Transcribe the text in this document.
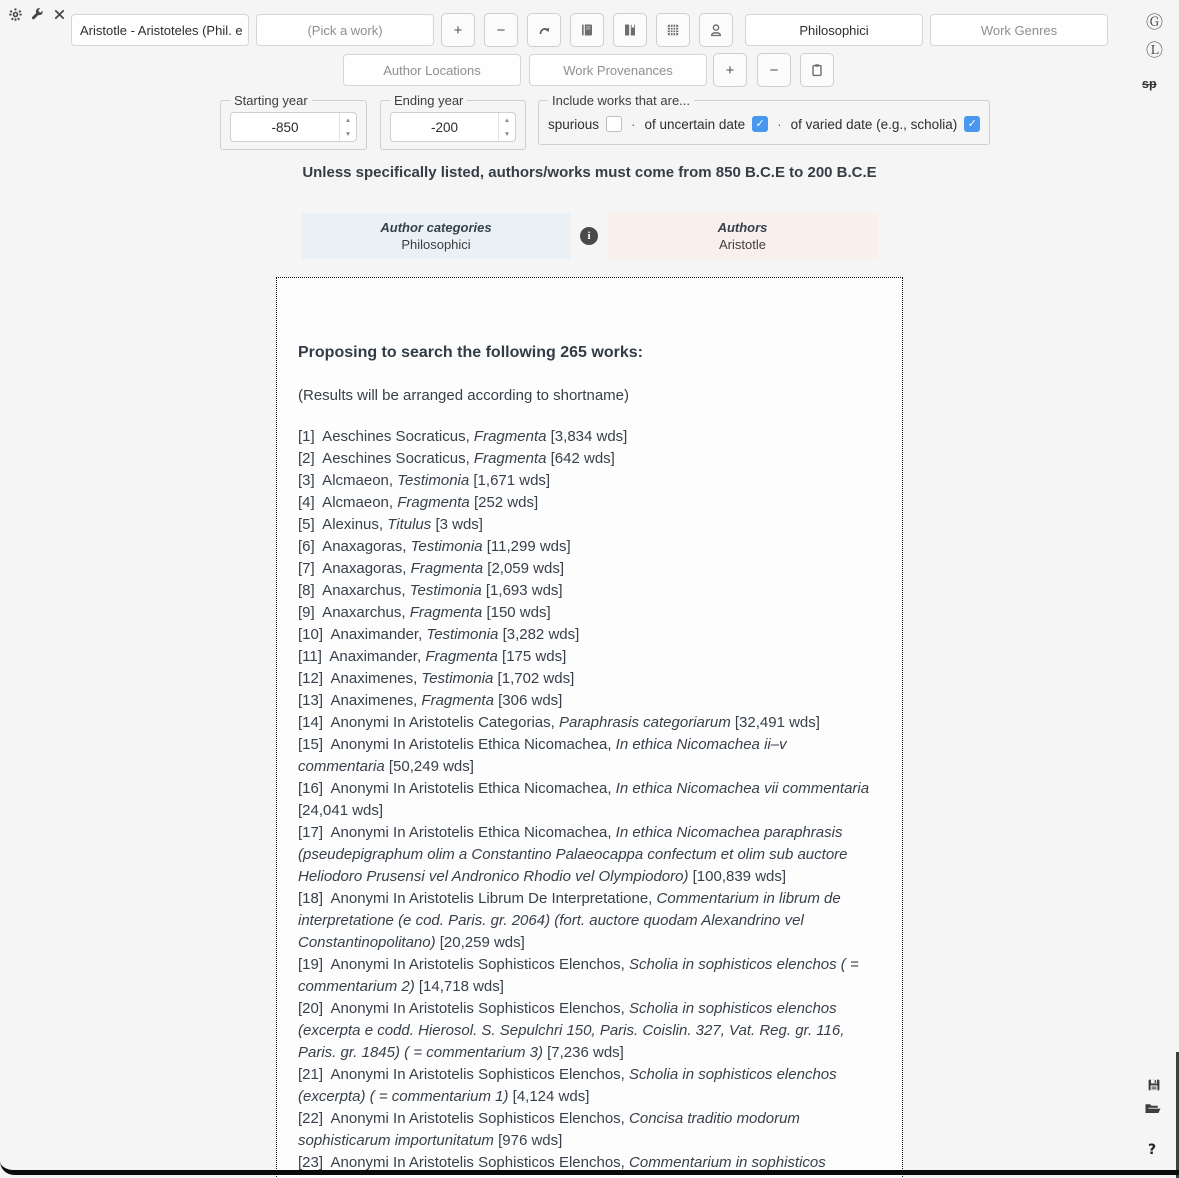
Aristotle - Aristoteles (Phil. e	(Pick a work)	+ −	Philosophici	Work Genres	Ⓖ
Ⓛ
sp
Author Locations	Work Provenances	+ −
Starting year
-850	▲
▼
Ending year
-200	▲
▼
Include works that are...
spurious · of uncertain date ✓ · of varied date (e.g., scholia) ✓
Unless specifically listed, authors/works must come from 850 B.C.E to 200 B.C.E
Author categories
Philosophici
i
Authors
Aristotle
Proposing to search the following 265 works:
(Results will be arranged according to shortname)
[1]  Aeschines Socraticus, Fragmenta [3,834 wds]
[2]  Aeschines Socraticus, Fragmenta [642 wds]
[3]  Alcmaeon, Testimonia [1,671 wds]
[4]  Alcmaeon, Fragmenta [252 wds]
[5]  Alexinus, Titulus [3 wds]
[6]  Anaxagoras, Testimonia [11,299 wds]
[7]  Anaxagoras, Fragmenta [2,059 wds]
[8]  Anaxarchus, Testimonia [1,693 wds]
[9]  Anaxarchus, Fragmenta [150 wds]
[10]  Anaximander, Testimonia [3,282 wds]
[11]  Anaximander, Fragmenta [175 wds]
[12]  Anaximenes, Testimonia [1,702 wds]
[13]  Anaximenes, Fragmenta [306 wds]
[14]  Anonymi In Aristotelis Categorias, Paraphrasis categoriarum [32,491 wds]
[15]  Anonymi In Aristotelis Ethica Nicomachea, In ethica Nicomachea ii–v commentaria [50,249 wds]
[16]  Anonymi In Aristotelis Ethica Nicomachea, In ethica Nicomachea vii commentaria [24,041 wds]
[17]  Anonymi In Aristotelis Ethica Nicomachea, In ethica Nicomachea paraphrasis (pseudepigraphum olim a Constantino Palaeocappa confectum et olim sub auctore Heliodoro Prusensi vel Andronico Rhodio vel Olympiodoro) [100,839 wds]
[18]  Anonymi In Aristotelis Librum De Interpretatione, Commentarium in librum de interpretatione (e cod. Paris. gr. 2064) (fort. auctore quodam Alexandrino vel Constantinopolitano) [20,259 wds]
[19]  Anonymi In Aristotelis Sophisticos Elenchos, Scholia in sophisticos elenchos ( = commentarium 2) [14,718 wds]
[20]  Anonymi In Aristotelis Sophisticos Elenchos, Scholia in sophisticos elenchos (excerpta e codd. Hierosol. S. Sepulchri 150, Paris. Coislin. 327, Vat. Reg. gr. 116, Paris. gr. 1845) ( = commentarium 3) [7,236 wds]
[21]  Anonymi In Aristotelis Sophisticos Elenchos, Scholia in sophisticos elenchos (excerpta) ( = commentarium 1) [4,124 wds]
[22]  Anonymi In Aristotelis Sophisticos Elenchos, Concisa traditio modorum sophisticarum importunitatum [976 wds]
[23]  Anonymi In Aristotelis Sophisticos Elenchos, Commentarium in sophisticos
?
